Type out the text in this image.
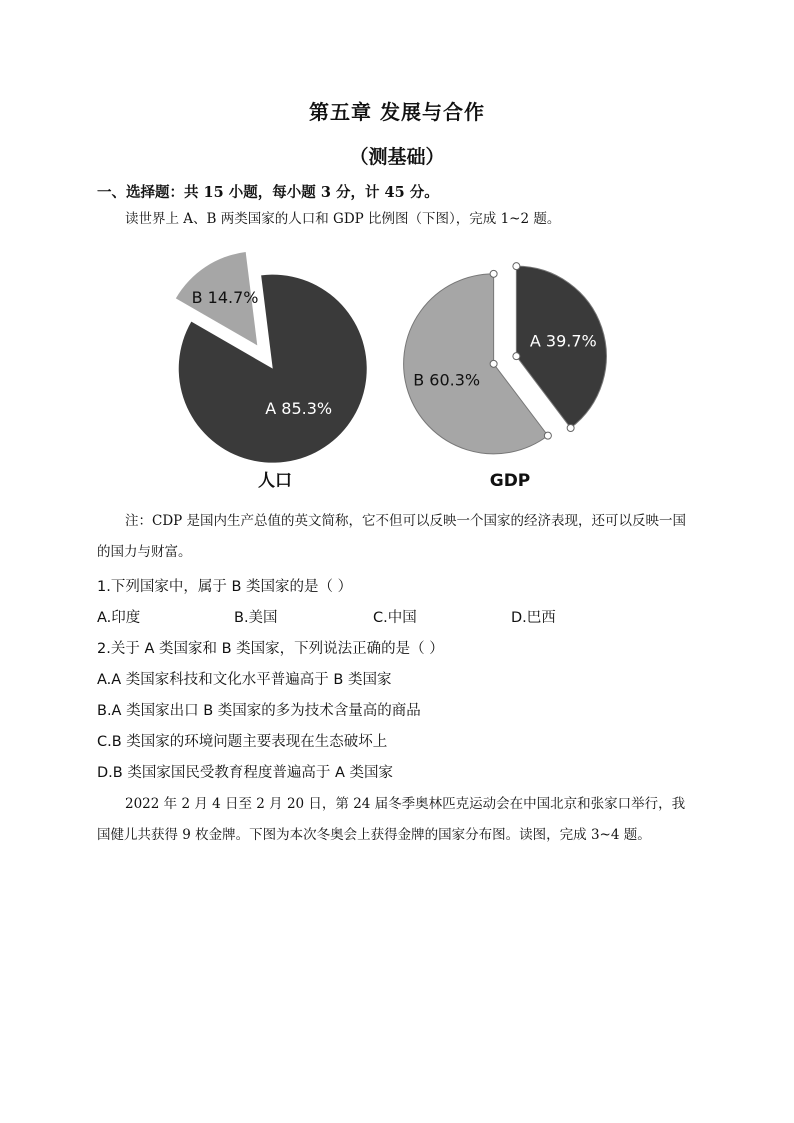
第五章 发展与合作
（测基础）
一、选择题：共 15 小题，每小题 3 分，计 45 分。
读世界上 A、B 两类国家的人口和 GDP 比例图（下图），完成 1~2 题。
B 14.7%
A 85.3%
人口
A 39.7%
B 60.3%
GDP
注：CDP 是国内生产总值的英文简称，它不但可以反映一个国家的经济表现，还可以反映一国的国力与财富。
1.下列国家中，属于 B 类国家的是（ ）
A.印度	B.美国	C.中国	D.巴西
2.关于 A 类国家和 B 类国家，下列说法正确的是（ ）
A.A 类国家科技和文化水平普遍高于 B 类国家
B.A 类国家出口 B 类国家的多为技术含量高的商品
C.B 类国家的环境问题主要表现在生态破坏上
D.B 类国家国民受教育程度普遍高于 A 类国家
2022 年 2 月 4 日至 2 月 20 日，第 24 届冬季奥林匹克运动会在中国北京和张家口举行，我国健儿共获得 9 枚金牌。下图为本次冬奥会上获得金牌的国家分布图。读图，完成 3~4 题。
